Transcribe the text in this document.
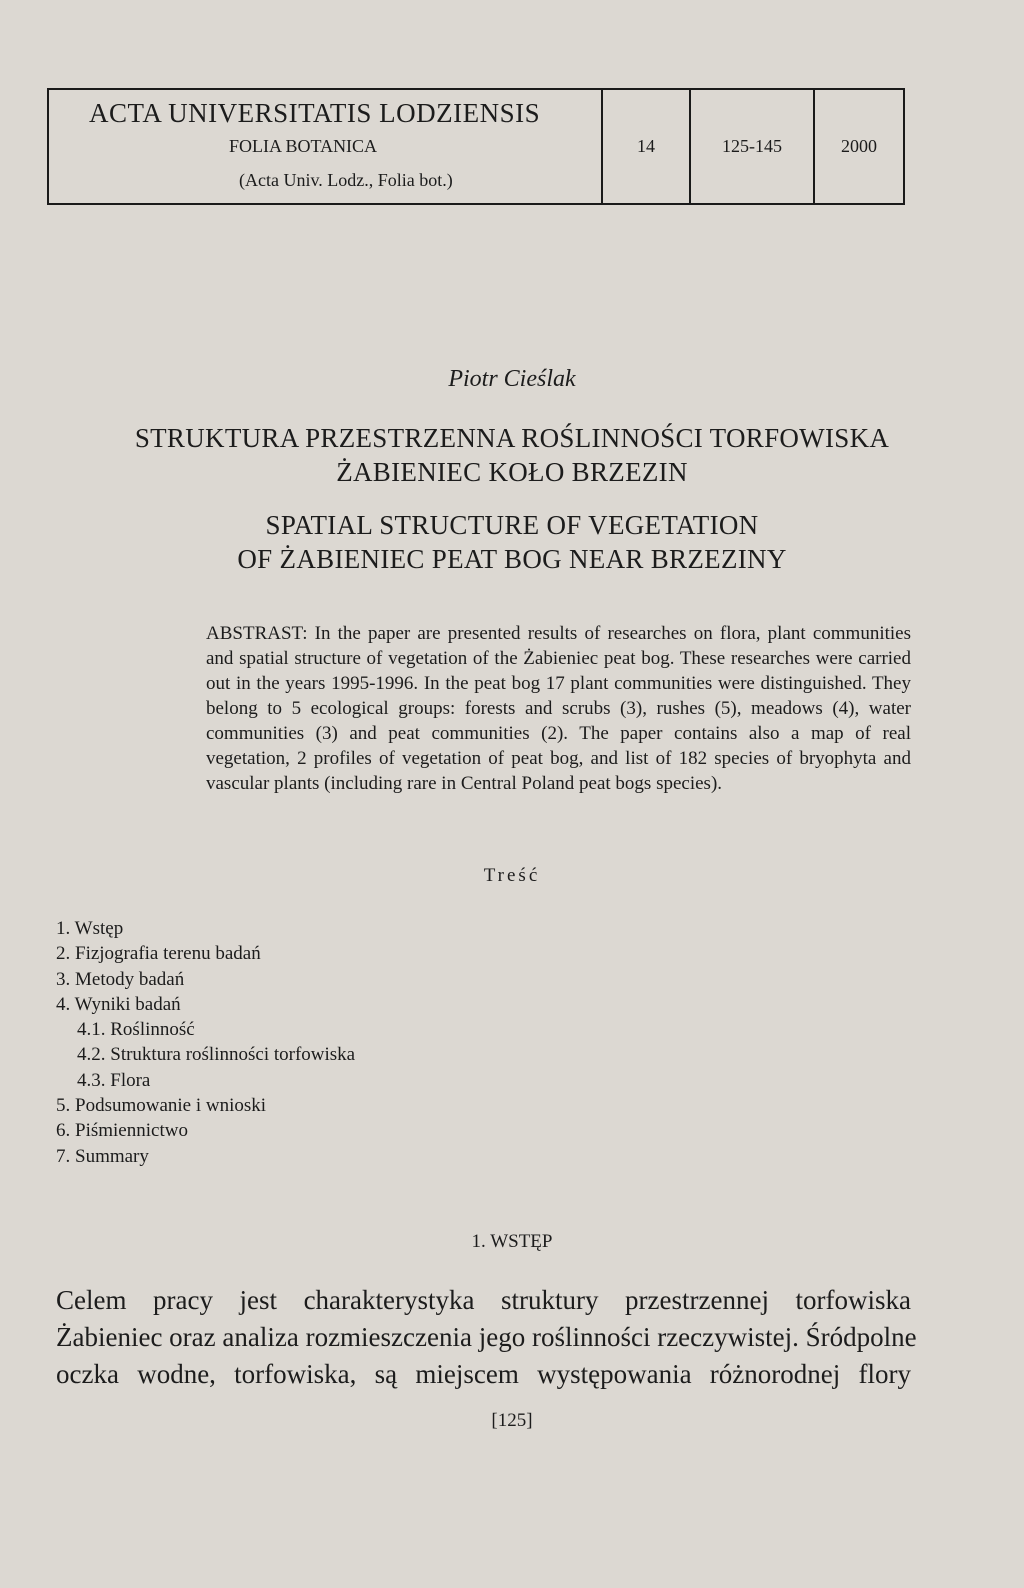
ACTA UNIVERSITATIS LODZIENSIS
FOLIA BOTANICA
(Acta Univ. Lodz., Folia bot.)
14	125-145	2000
Piotr Cieślak
STRUKTURA PRZESTRZENNA ROŚLINNOŚCI TORFOWISKA
ŻABIENIEC KOŁO BRZEZIN
SPATIAL STRUCTURE OF VEGETATION
OF ŻABIENIEC PEAT BOG NEAR BRZEZINY
ABSTRAST: In the paper are presented results of researches on flora, plant communities and spatial structure of vegetation of the Żabieniec peat bog. These researches were carried out in the years 1995-1996. In the peat bog 17 plant communities were distinguished. They belong to 5 ecological groups: forests and scrubs (3), rushes (5), meadows (4), water communities (3) and peat communities (2). The paper contains also a map of real vegetation, 2 profiles of vegetation of peat bog, and list of 182 species of bryophyta and vascular plants (including rare in Central Poland peat bogs species).
Treść
1. Wstęp
2. Fizjografia terenu badań
3. Metody badań
4. Wyniki badań
4.1. Roślinność
4.2. Struktura roślinności torfowiska
4.3. Flora
5. Podsumowanie i wnioski
6. Piśmiennictwo
7. Summary
1. WSTĘP
Celem pracy jest charakterystyka struktury przestrzennej torfowiska
Żabieniec oraz analiza rozmieszczenia jego roślinności rzeczywistej. Śródpolne
oczka wodne, torfowiska, są miejscem występowania różnorodnej flory
[125]
